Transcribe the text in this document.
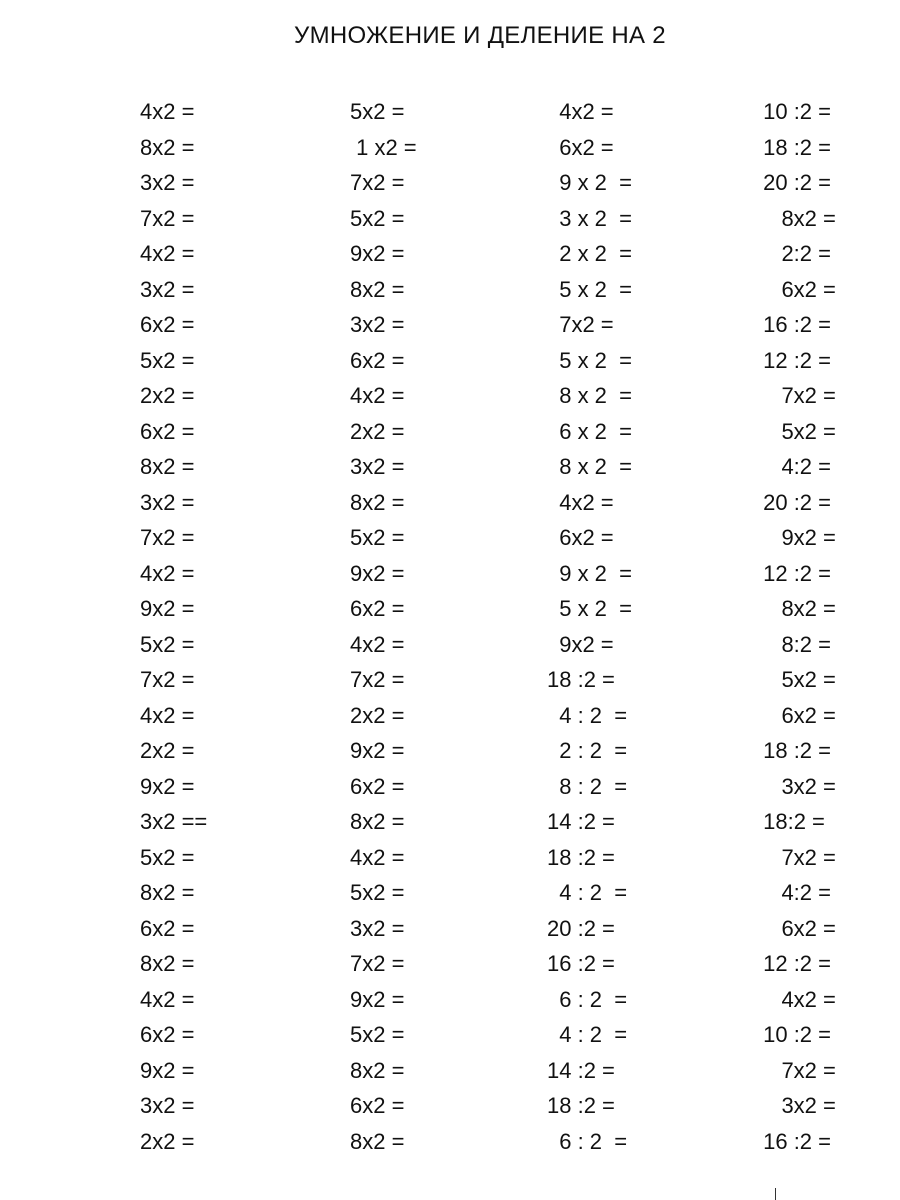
УМНОЖЕНИЕ И ДЕЛЕНИЕ НА 2
4x2 =
8x2 =
3x2 =
7x2 =
4x2 =
3x2 =
6x2 =
5x2 =
2x2 =
6x2 =
8x2 =
3x2 =
7x2 =
4x2 =
9x2 =
5x2 =
7x2 =
4x2 =
2x2 =
9x2 =
3x2 ==
5x2 =
8x2 =
6x2 =
8x2 =
4x2 =
6x2 =
9x2 =
3x2 =
2x2 =
5x2 =
1 x2 =
7x2 =
5x2 =
9x2 =
8x2 =
3x2 =
6x2 =
4x2 =
2x2 =
3x2 =
8x2 =
5x2 =
9x2 =
6x2 =
4x2 =
7x2 =
2x2 =
9x2 =
6x2 =
8x2 =
4x2 =
5x2 =
3x2 =
7x2 =
9x2 =
5x2 =
8x2 =
6x2 =
8x2 =
4x2 =
6x2 =
9 x 2  =
3 x 2  =
2 x 2  =
5 x 2  =
7x2 =
5 x 2  =
8 x 2  =
6 x 2  =
8 x 2  =
4x2 =
6x2 =
9 x 2  =
5 x 2  =
9x2 =
18 :2 =
4 : 2  =
2 : 2  =
8 : 2  =
14 :2 =
18 :2 =
4 : 2  =
20 :2 =
16 :2 =
6 : 2  =
4 : 2  =
14 :2 =
18 :2 =
6 : 2  =
10 :2 =
18 :2 =
20 :2 =
8x2 =
2:2 =
6x2 =
16 :2 =
12 :2 =
7x2 =
5x2 =
4:2 =
20 :2 =
9x2 =
12 :2 =
8x2 =
8:2 =
5x2 =
6x2 =
18 :2 =
3x2 =
18:2 =
7x2 =
4:2 =
6x2 =
12 :2 =
4x2 =
10 :2 =
7x2 =
3x2 =
16 :2 =
